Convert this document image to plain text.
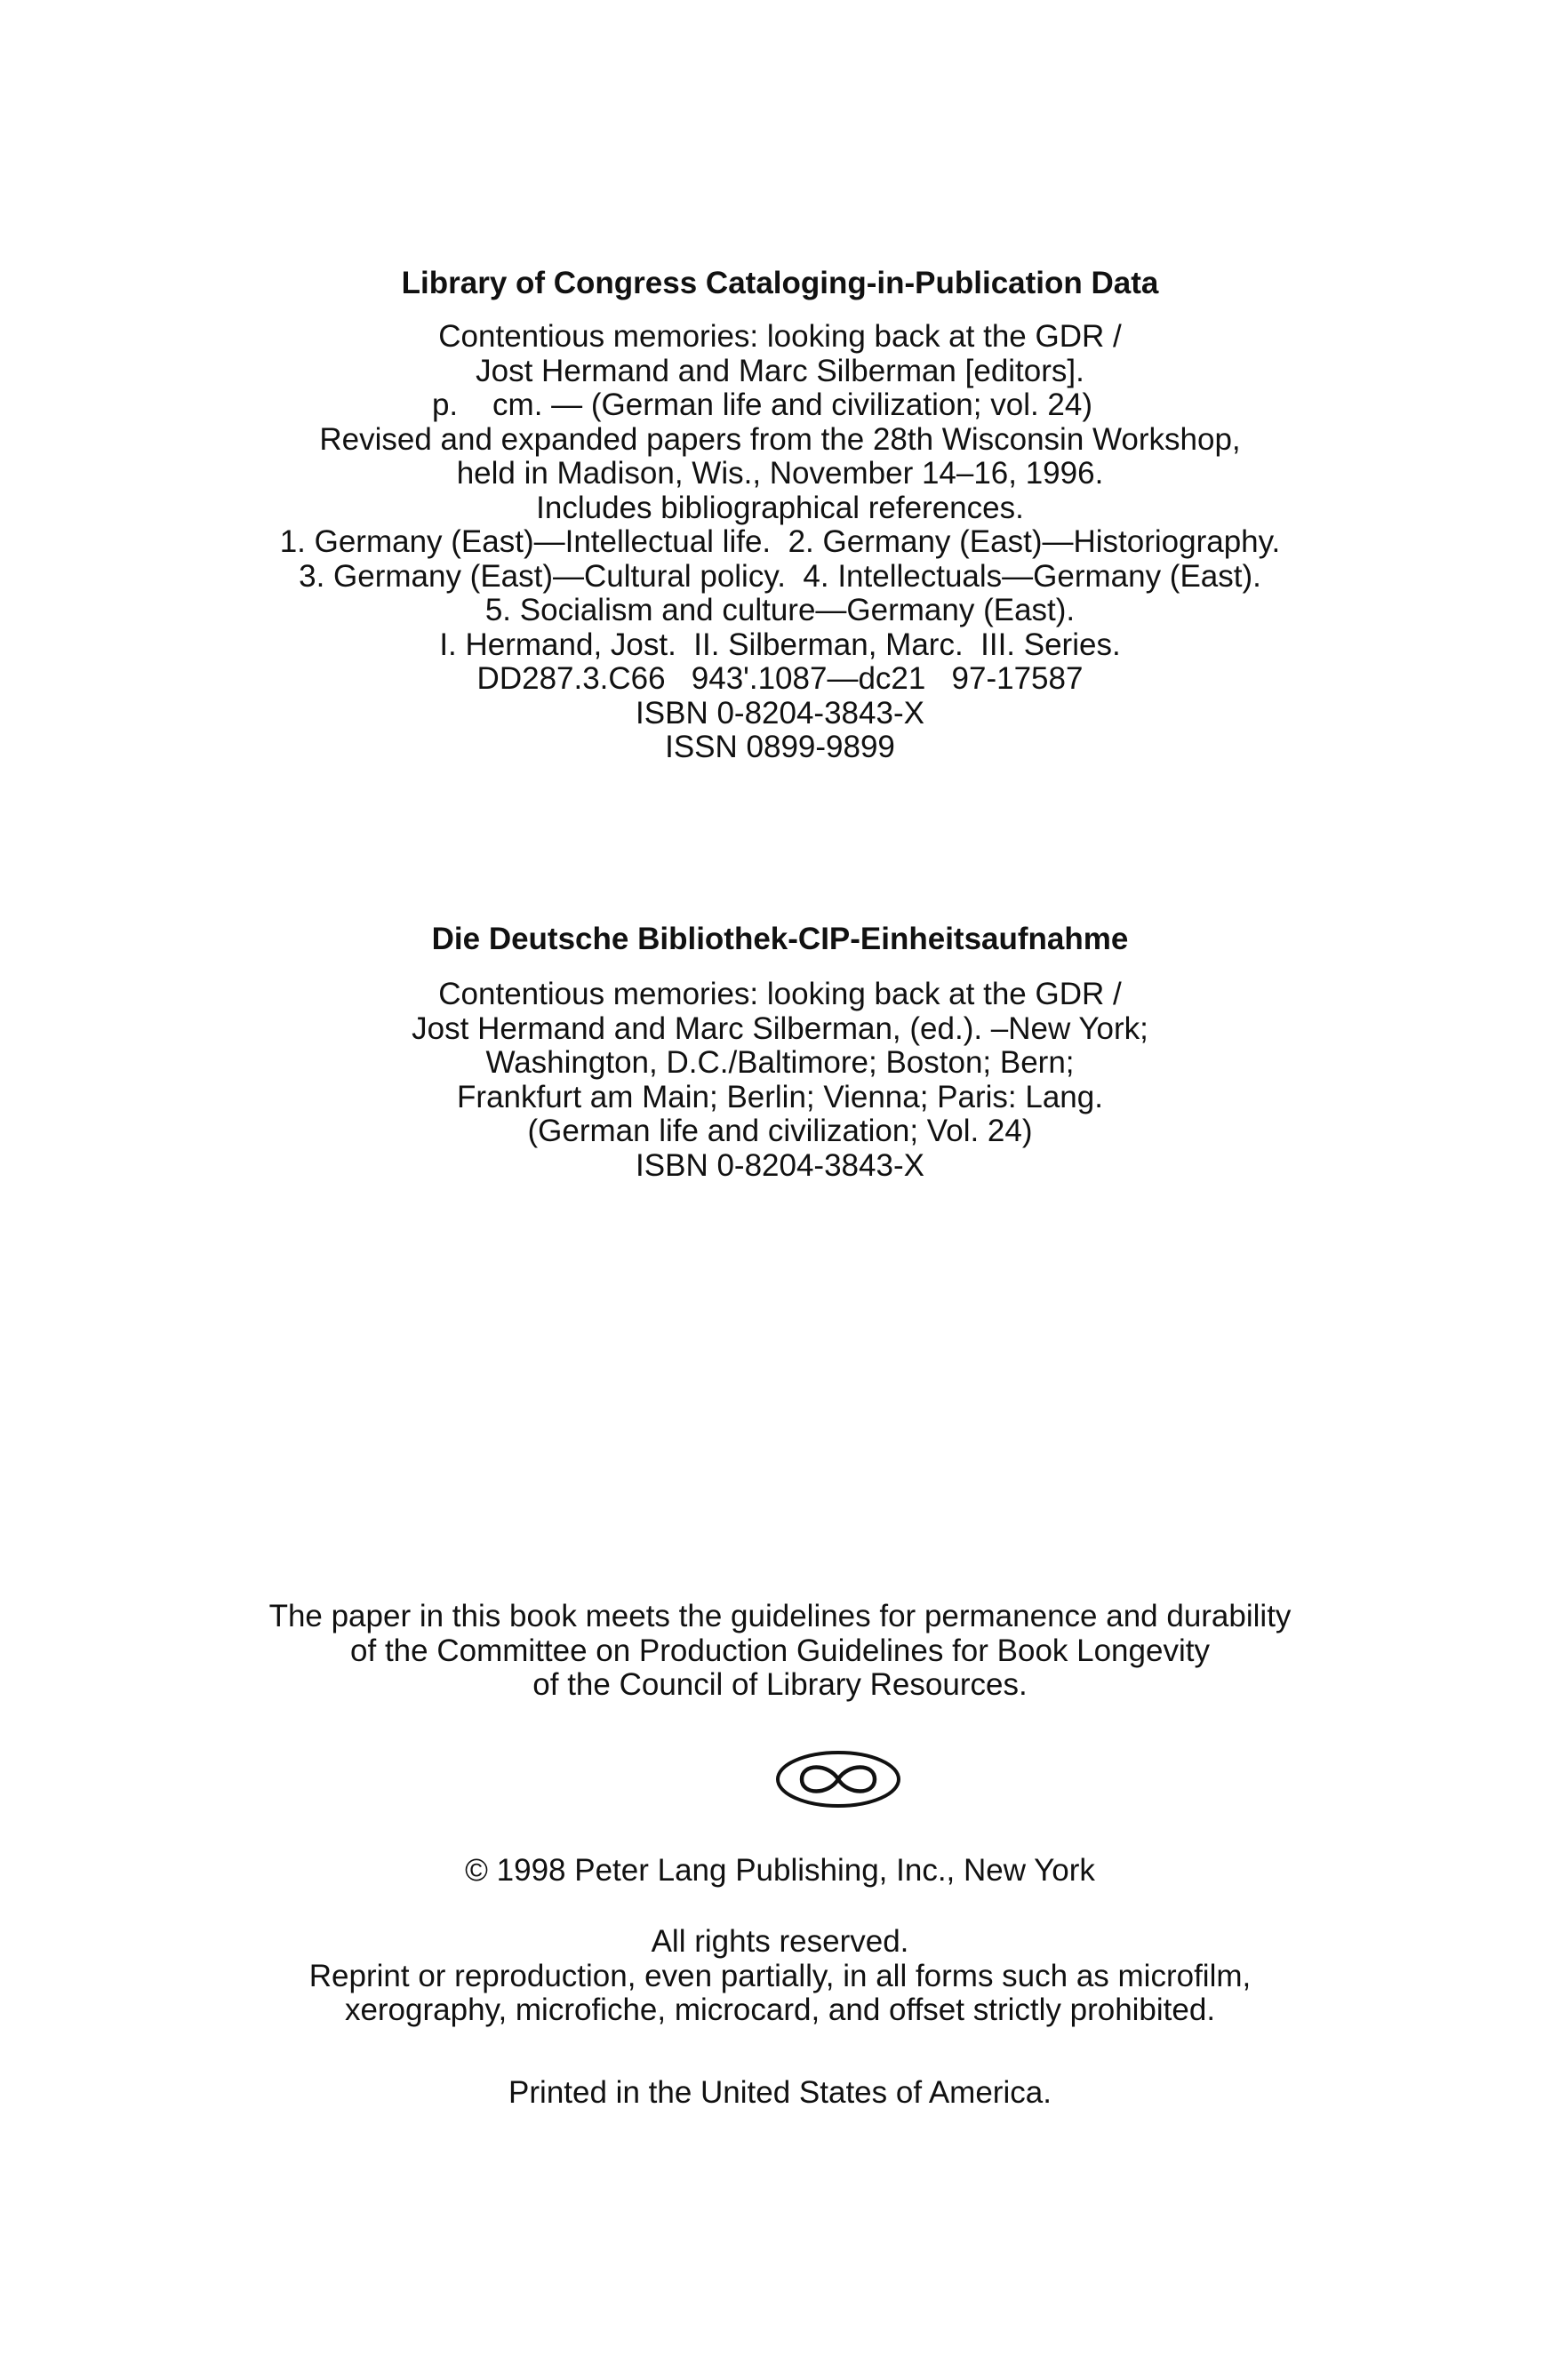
Library of Congress Cataloging-in-Publication Data
Contentious memories: looking back at the GDR /
Jost Hermand and Marc Silberman [editors].
p.    cm. — (German life and civilization; vol. 24)
Revised and expanded papers from the 28th Wisconsin Workshop,
held in Madison, Wis., November 14–16, 1996.
Includes bibliographical references.
1. Germany (East)—Intellectual life.  2. Germany (East)—Historiography.
3. Germany (East)—Cultural policy.  4. Intellectuals—Germany (East).
5. Socialism and culture—Germany (East).
I. Hermand, Jost.  II. Silberman, Marc.  III. Series.
DD287.3.C66   943'.1087—dc21   97-17587
ISBN 0-8204-3843-X
ISSN 0899-9899
Die Deutsche Bibliothek-CIP-Einheitsaufnahme
Contentious memories: looking back at the GDR /
Jost Hermand and Marc Silberman, (ed.). –New York;
Washington, D.C./Baltimore; Boston; Bern;
Frankfurt am Main; Berlin; Vienna; Paris: Lang.
(German life and civilization; Vol. 24)
ISBN 0-8204-3843-X
The paper in this book meets the guidelines for permanence and durability
of the Committee on Production Guidelines for Book Longevity
of the Council of Library Resources.
© 1998 Peter Lang Publishing, Inc., New York
All rights reserved.
Reprint or reproduction, even partially, in all forms such as microfilm,
xerography, microfiche, microcard, and offset strictly prohibited.
Printed in the United States of America.
